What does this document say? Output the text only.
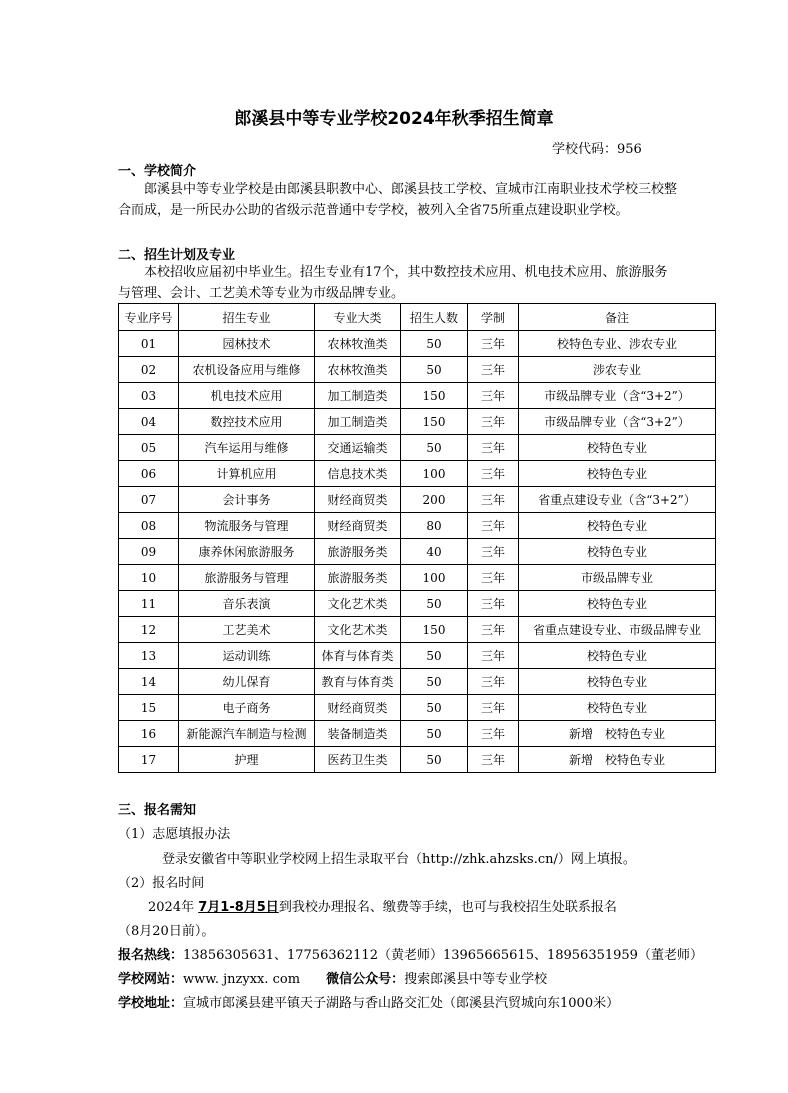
郎溪县中等专业学校2024年秋季招生简章
学校代码：956
一、学校简介
郎溪县中等专业学校是由郎溪县职教中心、郎溪县技工学校、宣城市江南职业技术学校三校整合而成，是一所民办公助的省级示范普通中专学校，被列入全省75所重点建设职业学校。
二、招生计划及专业
本校招收应届初中毕业生。招生专业有17个，其中数控技术应用、机电技术应用、旅游服务与管理、会计、工艺美术等专业为市级品牌专业。
专业序号	招生专业	专业大类	招生人数	学制	备注
01	园林技术	农林牧渔类	50	三年	校特色专业、涉农专业
02	农机设备应用与维修	农林牧渔类	50	三年	涉农专业
03	机电技术应用	加工制造类	150	三年	市级品牌专业（含“3+2”）
04	数控技术应用	加工制造类	150	三年	市级品牌专业（含“3+2”）
05	汽车运用与维修	交通运输类	50	三年	校特色专业
06	计算机应用	信息技术类	100	三年	校特色专业
07	会计事务	财经商贸类	200	三年	省重点建设专业（含“3+2”）
08	物流服务与管理	财经商贸类	80	三年	校特色专业
09	康养休闲旅游服务	旅游服务类	40	三年	校特色专业
10	旅游服务与管理	旅游服务类	100	三年	市级品牌专业
11	音乐表演	文化艺术类	50	三年	校特色专业
12	工艺美术	文化艺术类	150	三年	省重点建设专业、市级品牌专业
13	运动训练	体育与体育类	50	三年	校特色专业
14	幼儿保育	教育与体育类	50	三年	校特色专业
15	电子商务	财经商贸类	50	三年	校特色专业
16	新能源汽车制造与检测	装备制造类	50	三年	新增　校特色专业
17	护理	医药卫生类	50	三年	新增　校特色专业
三、报名需知
（1）志愿填报办法
登录安徽省中等职业学校网上招生录取平台（http://zhk.ahzsks.cn/）网上填报。
（2）报名时间
2024年 7月1-8月5日到我校办理报名、缴费等手续，也可与我校招生处联系报名
（8月20日前）。
报名热线：13856305631、17756362112（黄老师）13965665615、18956351959（董老师）
学校网站：www. jnzyxx. com 微信公众号：搜索郎溪县中等专业学校
学校地址：宣城市郎溪县建平镇天子湖路与香山路交汇处（郎溪县汽贸城向东1000米）
